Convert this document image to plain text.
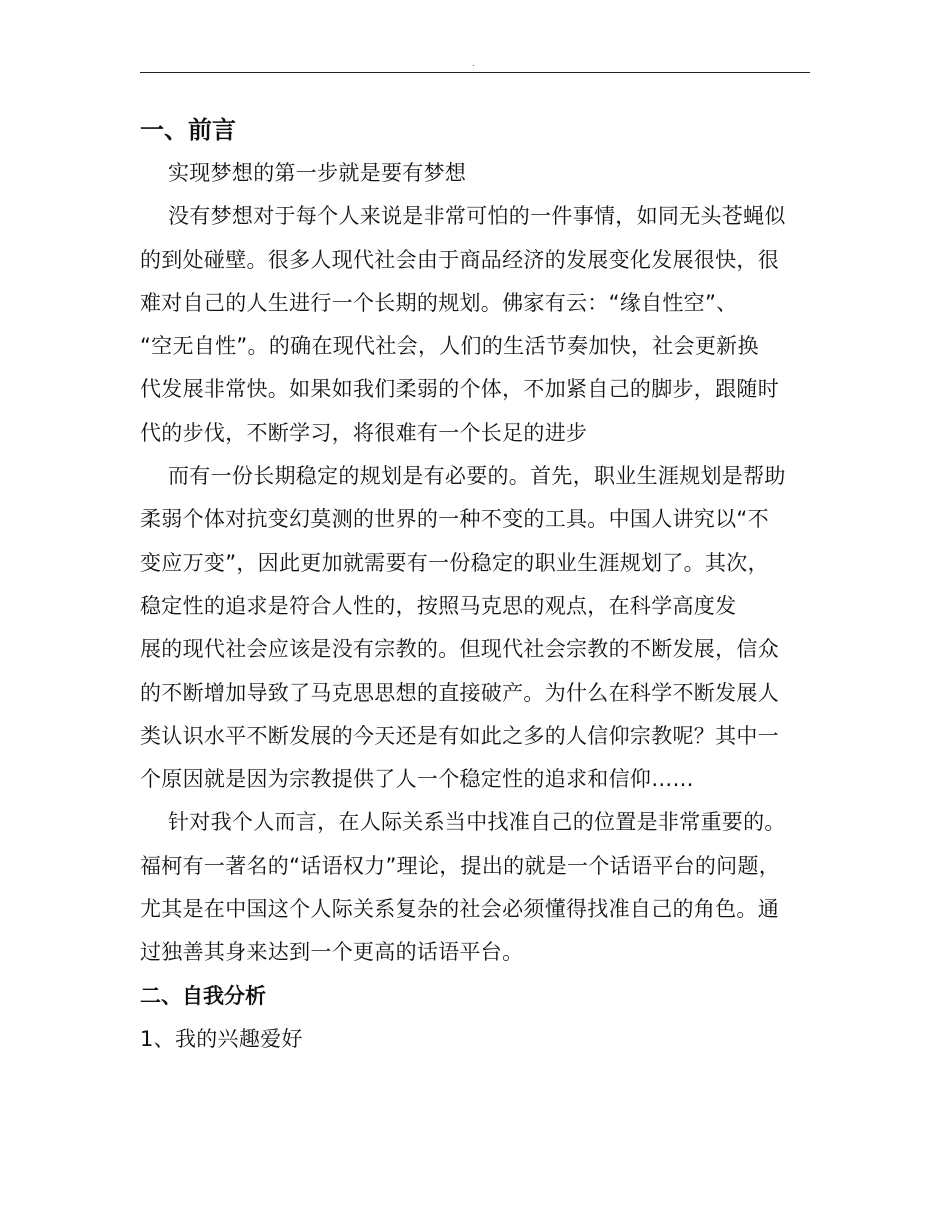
.
一、前言

实现梦想的第一步就是要有梦想

没有梦想对于每个人来说是非常可怕的一件事情，如同无头苍蝇似
的到处碰壁。很多人现代社会由于商品经济的发展变化发展很快，很
难对自己的人生进行一个长期的规划。佛家有云：“缘自性空”、
“空无自性”。的确在现代社会，人们的生活节奏加快，社会更新换
代发展非常快。如果如我们柔弱的个体，不加紧自己的脚步，跟随时
代的步伐，不断学习，将很难有一个长足的进步

而有一份长期稳定的规划是有必要的。首先，职业生涯规划是帮助
柔弱个体对抗变幻莫测的世界的一种不变的工具。中国人讲究以“不
变应万变”，因此更加就需要有一份稳定的职业生涯规划了。其次，
稳定性的追求是符合人性的，按照马克思的观点，在科学高度发
展的现代社会应该是没有宗教的。但现代社会宗教的不断发展，信众
的不断增加导致了马克思思想的直接破产。为什么在科学不断发展人
类认识水平不断发展的今天还是有如此之多的人信仰宗教呢？其中一
个原因就是因为宗教提供了人一个稳定性的追求和信仰……

针对我个人而言，在人际关系当中找准自己的位置是非常重要的。
福柯有一著名的“话语权力”理论，提出的就是一个话语平台的问题，
尤其是在中国这个人际关系复杂的社会必须懂得找准自己的角色。通
过独善其身来达到一个更高的话语平台。

二、自我分析

1、我的兴趣爱好
